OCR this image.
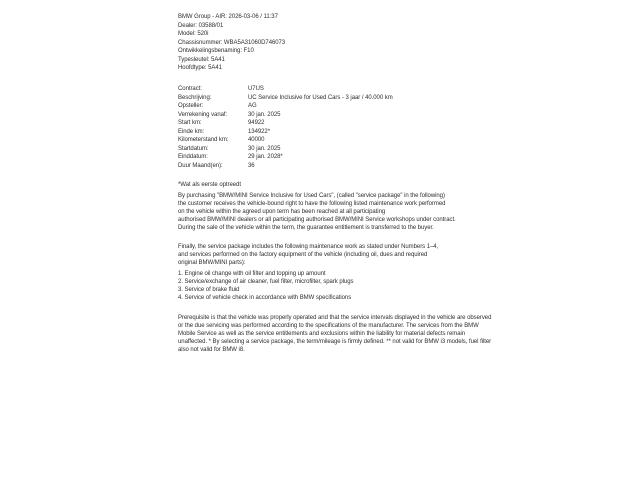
BMW Group - AIR: 2026-03-06 / 11:37
Dealer: 03588/01
Model: 520i
Chassisnummer: WBA5A31060D746073
Ontwikkelingsbenaming: F10
Typesleutel: 5A41
Hoofdtype: 5A41
Contract:	U7US
Beschrijving:	UC Service Inclusive for Used Cars - 3 jaar / 40.000 km
Opsteller:	AG
Verrekening vanaf:	30 jan. 2025
Start km:	94922
Einde km:	134922*
Kilometerstand km:	40000
Startdatum:	30 jan. 2025
Einddatum:	29 jan. 2028*
Duur Maand(en):	36
*Wat als eerste optreedt
By purchasing "BMW/MINI Service Inclusive for Used Cars", (called "service package" in the following)
the customer receives the vehicle-bound right to have the following listed maintenance work performed
on the vehicle within the agreed upon term has been reached at all participating
authorised BMW/MINI dealers or all participating authorised BMW/MINI Service workshops under contract.
During the sale of the vehicle within the term, the guarantee entitlement is transferred to the buyer.
Finally, the service package includes the following maintenance work as stated under Numbers 1–4,
and services performed on the factory equipment of the vehicle (including oil, dues and required
original BMW/MINI parts):
1. Engine oil change with oil filter and topping up amount
2. Service/exchange of air cleaner, fuel filter, microfilter, spark plugs
3. Service of brake fluid
4. Service of vehicle check in accordance with BMW specifications
Prerequisite is that the vehicle was properly operated and that the service intervals displayed in the vehicle are observed
or the due servicing was performed according to the specifications of the manufacturer. The services from the BMW
Mobile Service as well as the service entitlements and exclusions within the liability for material defects remain
unaffected. * By selecting a service package, the term/mileage is firmly defined. ** not valid for BMW i3 models, fuel filter
also not valid for BMW i8.
